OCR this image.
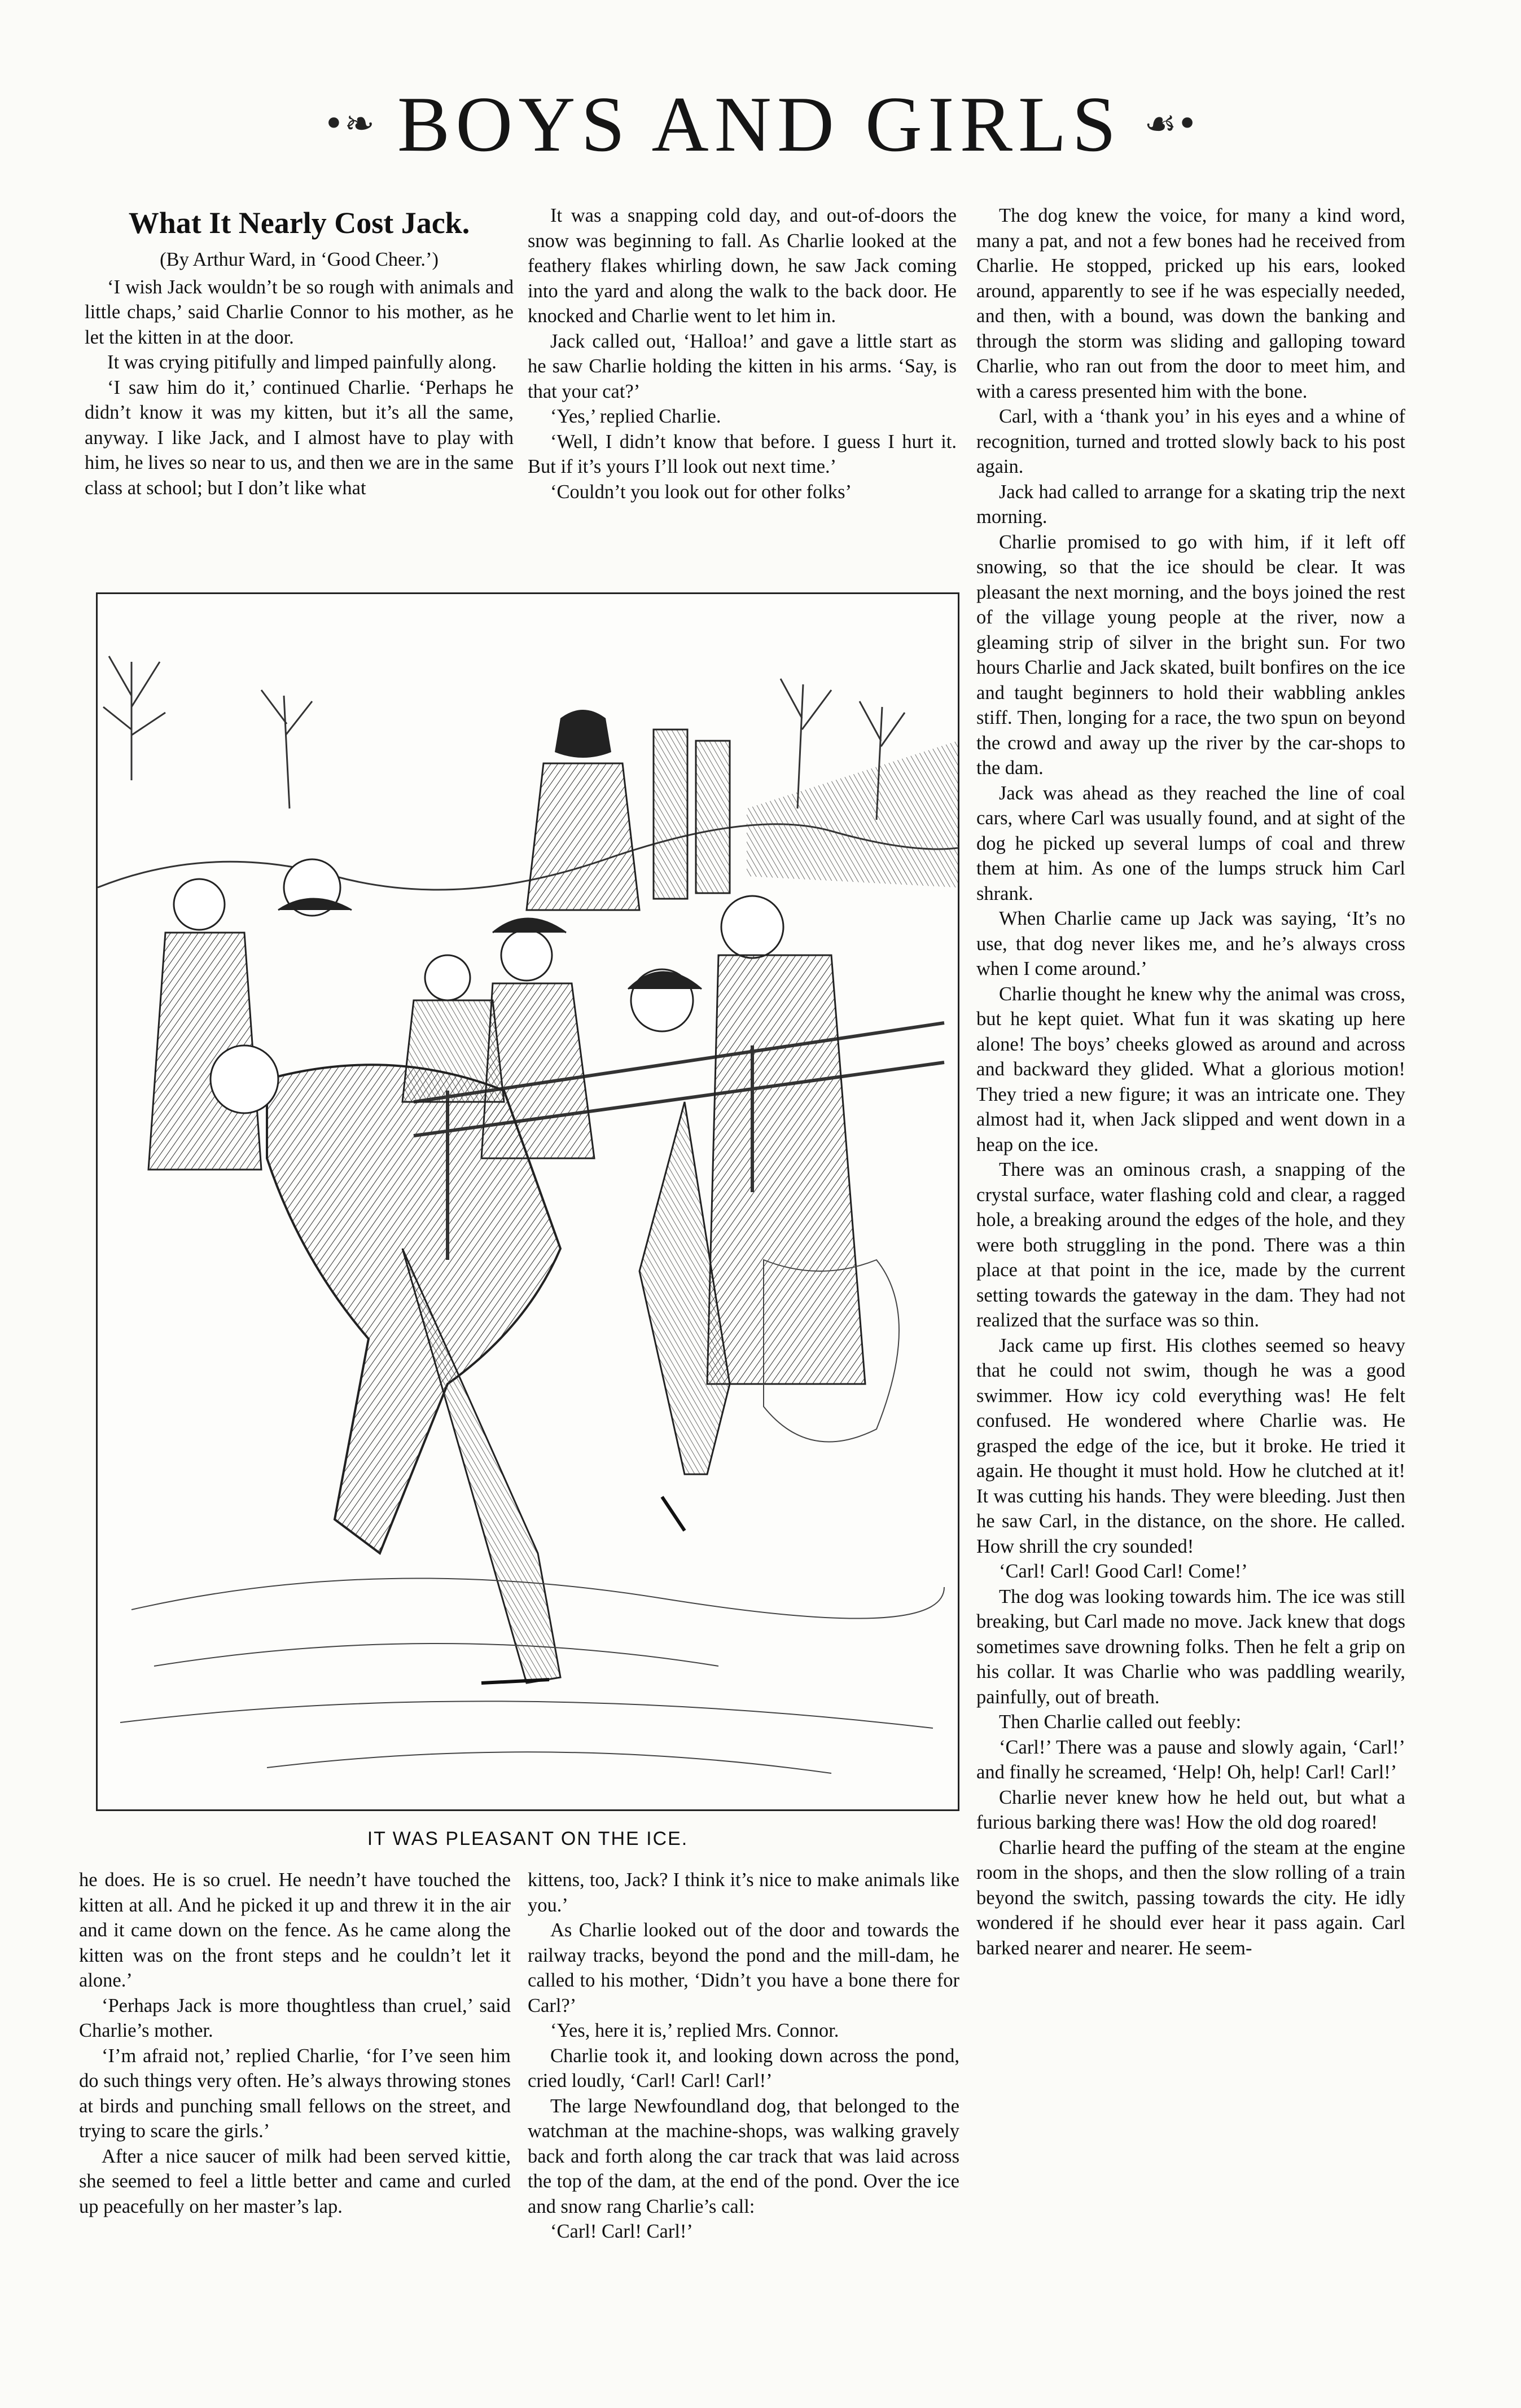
•❧ BOYS AND GIRLS ☙•

What It Nearly Cost Jack.

(By Arthur Ward, in ‘Good Cheer.’)

‘I wish Jack wouldn’t be so rough with animals and little chaps,’ said Charlie Connor to his mother, as he let the kitten in at the door.

It was crying pitifully and limped painfully along.

‘I saw him do it,’ continued Charlie. ‘Perhaps he didn’t know it was my kitten, but it’s all the same, anyway. I like Jack, and I almost have to play with him, he lives so near to us, and then we are in the same class at school; but I don’t like what

It was a snapping cold day, and out-of-doors the snow was beginning to fall. As Charlie looked at the feathery flakes whirling down, he saw Jack coming into the yard and along the walk to the back door. He knocked and Charlie went to let him in.

Jack called out, ‘Halloa!’ and gave a little start as he saw Charlie holding the kitten in his arms. ‘Say, is that your cat?’

‘Yes,’ replied Charlie.

‘Well, I didn’t know that before. I guess I hurt it. But if it’s yours I’ll look out next time.’

‘Couldn’t you look out for other folks’

IT WAS PLEASANT ON THE ICE.

The dog knew the voice, for many a kind word, many a pat, and not a few bones had he received from Charlie. He stopped, pricked up his ears, looked around, apparently to see if he was especially needed, and then, with a bound, was down the banking and through the storm was sliding and galloping toward Charlie, who ran out from the door to meet him, and with a caress presented him with the bone.

Carl, with a ‘thank you’ in his eyes and a whine of recognition, turned and trotted slowly back to his post again.

Jack had called to arrange for a skating trip the next morning.

Charlie promised to go with him, if it left off snowing, so that the ice should be clear. It was pleasant the next morning, and the boys joined the rest of the village young people at the river, now a gleaming strip of silver in the bright sun. For two hours Charlie and Jack skated, built bonfires on the ice and taught beginners to hold their wabbling ankles stiff. Then, longing for a race, the two spun on beyond the crowd and away up the river by the car-shops to the dam.

Jack was ahead as they reached the line of coal cars, where Carl was usually found, and at sight of the dog he picked up several lumps of coal and threw them at him. As one of the lumps struck him Carl shrank.

When Charlie came up Jack was saying, ‘It’s no use, that dog never likes me, and he’s always cross when I come around.’

Charlie thought he knew why the animal was cross, but he kept quiet. What fun it was skating up here alone! The boys’ cheeks glowed as around and across and backward they glided. What a glorious motion! They tried a new figure; it was an intricate one. They almost had it, when Jack slipped and went down in a heap on the ice.

There was an ominous crash, a snapping of the crystal surface, water flashing cold and clear, a ragged hole, a breaking around the edges of the hole, and they were both struggling in the pond. There was a thin place at that point in the ice, made by the current setting towards the gateway in the dam. They had not realized that the surface was so thin.

Jack came up first. His clothes seemed so heavy that he could not swim, though he was a good swimmer. How icy cold everything was! He felt confused. He wondered where Charlie was. He grasped the edge of the ice, but it broke. He tried it again. He thought it must hold. How he clutched at it! It was cutting his hands. They were bleeding. Just then he saw Carl, in the distance, on the shore. He called. How shrill the cry sounded!

‘Carl! Carl! Good Carl! Come!’

The dog was looking towards him. The ice was still breaking, but Carl made no move. Jack knew that dogs sometimes save drowning folks. Then he felt a grip on his collar. It was Charlie who was paddling wearily, painfully, out of breath.

Then Charlie called out feebly:

‘Carl!’ There was a pause and slowly again, ‘Carl!’ and finally he screamed, ‘Help! Oh, help! Carl! Carl!’

Charlie never knew how he held out, but what a furious barking there was! How the old dog roared!

Charlie heard the puffing of the steam at the engine room in the shops, and then the slow rolling of a train beyond the switch, passing towards the city. He idly wondered if he should ever hear it pass again. Carl barked nearer and nearer. He seem-

he does. He is so cruel. He needn’t have touched the kitten at all. And he picked it up and threw it in the air and it came down on the fence. As he came along the kitten was on the front steps and he couldn’t let it alone.’

‘Perhaps Jack is more thoughtless than cruel,’ said Charlie’s mother.

‘I’m afraid not,’ replied Charlie, ‘for I’ve seen him do such things very often. He’s always throwing stones at birds and punching small fellows on the street, and trying to scare the girls.’

After a nice saucer of milk had been served kittie, she seemed to feel a little better and came and curled up peacefully on her master’s lap.

kittens, too, Jack? I think it’s nice to make animals like you.’

As Charlie looked out of the door and towards the railway tracks, beyond the pond and the mill-dam, he called to his mother, ‘Didn’t you have a bone there for Carl?’

‘Yes, here it is,’ replied Mrs. Connor.

Charlie took it, and looking down across the pond, cried loudly, ‘Carl! Carl! Carl!’

The large Newfoundland dog, that belonged to the watchman at the machine-shops, was walking gravely back and forth along the car track that was laid across the top of the dam, at the end of the pond. Over the ice and snow rang Charlie’s call:

‘Carl! Carl! Carl!’
